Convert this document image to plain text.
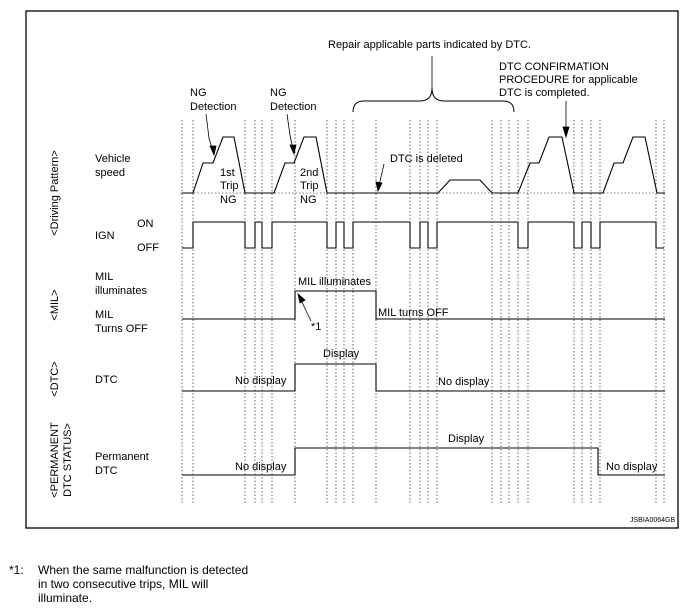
Repair applicable parts indicated by DTC.
DTC CONFIRMATION
PROCEDURE for applicable
DTC is completed.
NG
Detection
NG
Detection
1st
Trip
NG
2nd
Trip
NG
DTC is deleted
*1
JSBIA0064GB
<Driving Pattern>
<MIL>
<DTC>
<PERMANENT DTC STATUS>
Vehicle
speed
IGN
ON
OFF
MIL
illuminates
MIL
Turns OFF
DTC
Permanent
DTC
MIL illuminates
MIL turns OFF
Display
No display	No display
Display
No display	No display
*1: When the same malfunction is detected in two consecutive trips, MIL will illuminate.
